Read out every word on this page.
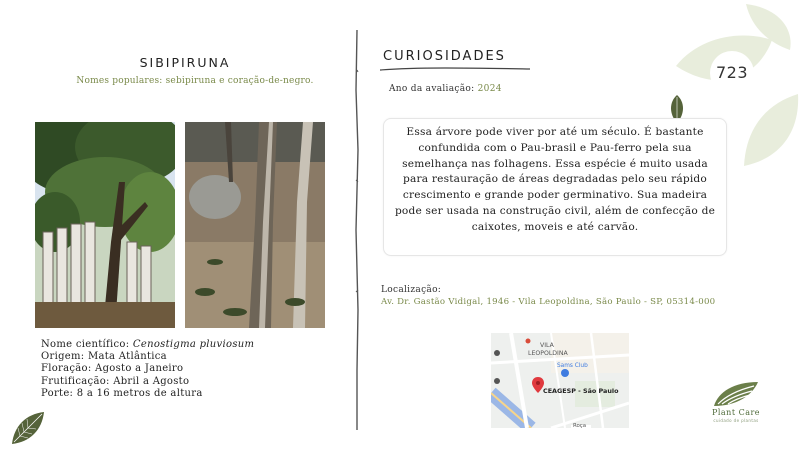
723
SIBIPIRUNA
Nomes populares: sebipiruna e coração-de-negro.
Nome científico: Cenostigma pluviosum
Origem: Mata Atlântica
Floração: Agosto a Janeiro
Frutificação: Abril a Agosto
Porte: 8 a 16 metros de altura
CURIOSIDADES
Ano da avaliação: 2024
Essa árvore pode viver por até um século. É bastante confundida com o Pau-brasil e Pau-ferro pela sua semelhança nas folhagens. Essa espécie é muito usada para restauração de áreas degradadas pelo seu rápido crescimento e grande poder germinativo. Sua madeira pode ser usada na construção civil, além de confecção de caixotes, moveis e até carvão.
Localização:
Av. Dr. Gastão Vidigal, 1946 - Vila Leopoldina, São Paulo - SP, 05314-000
VILA
LEOPOLDINA
Sams Club
CEAGESP - São Paulo
Roça
Plant Care
cuidado de plantas
